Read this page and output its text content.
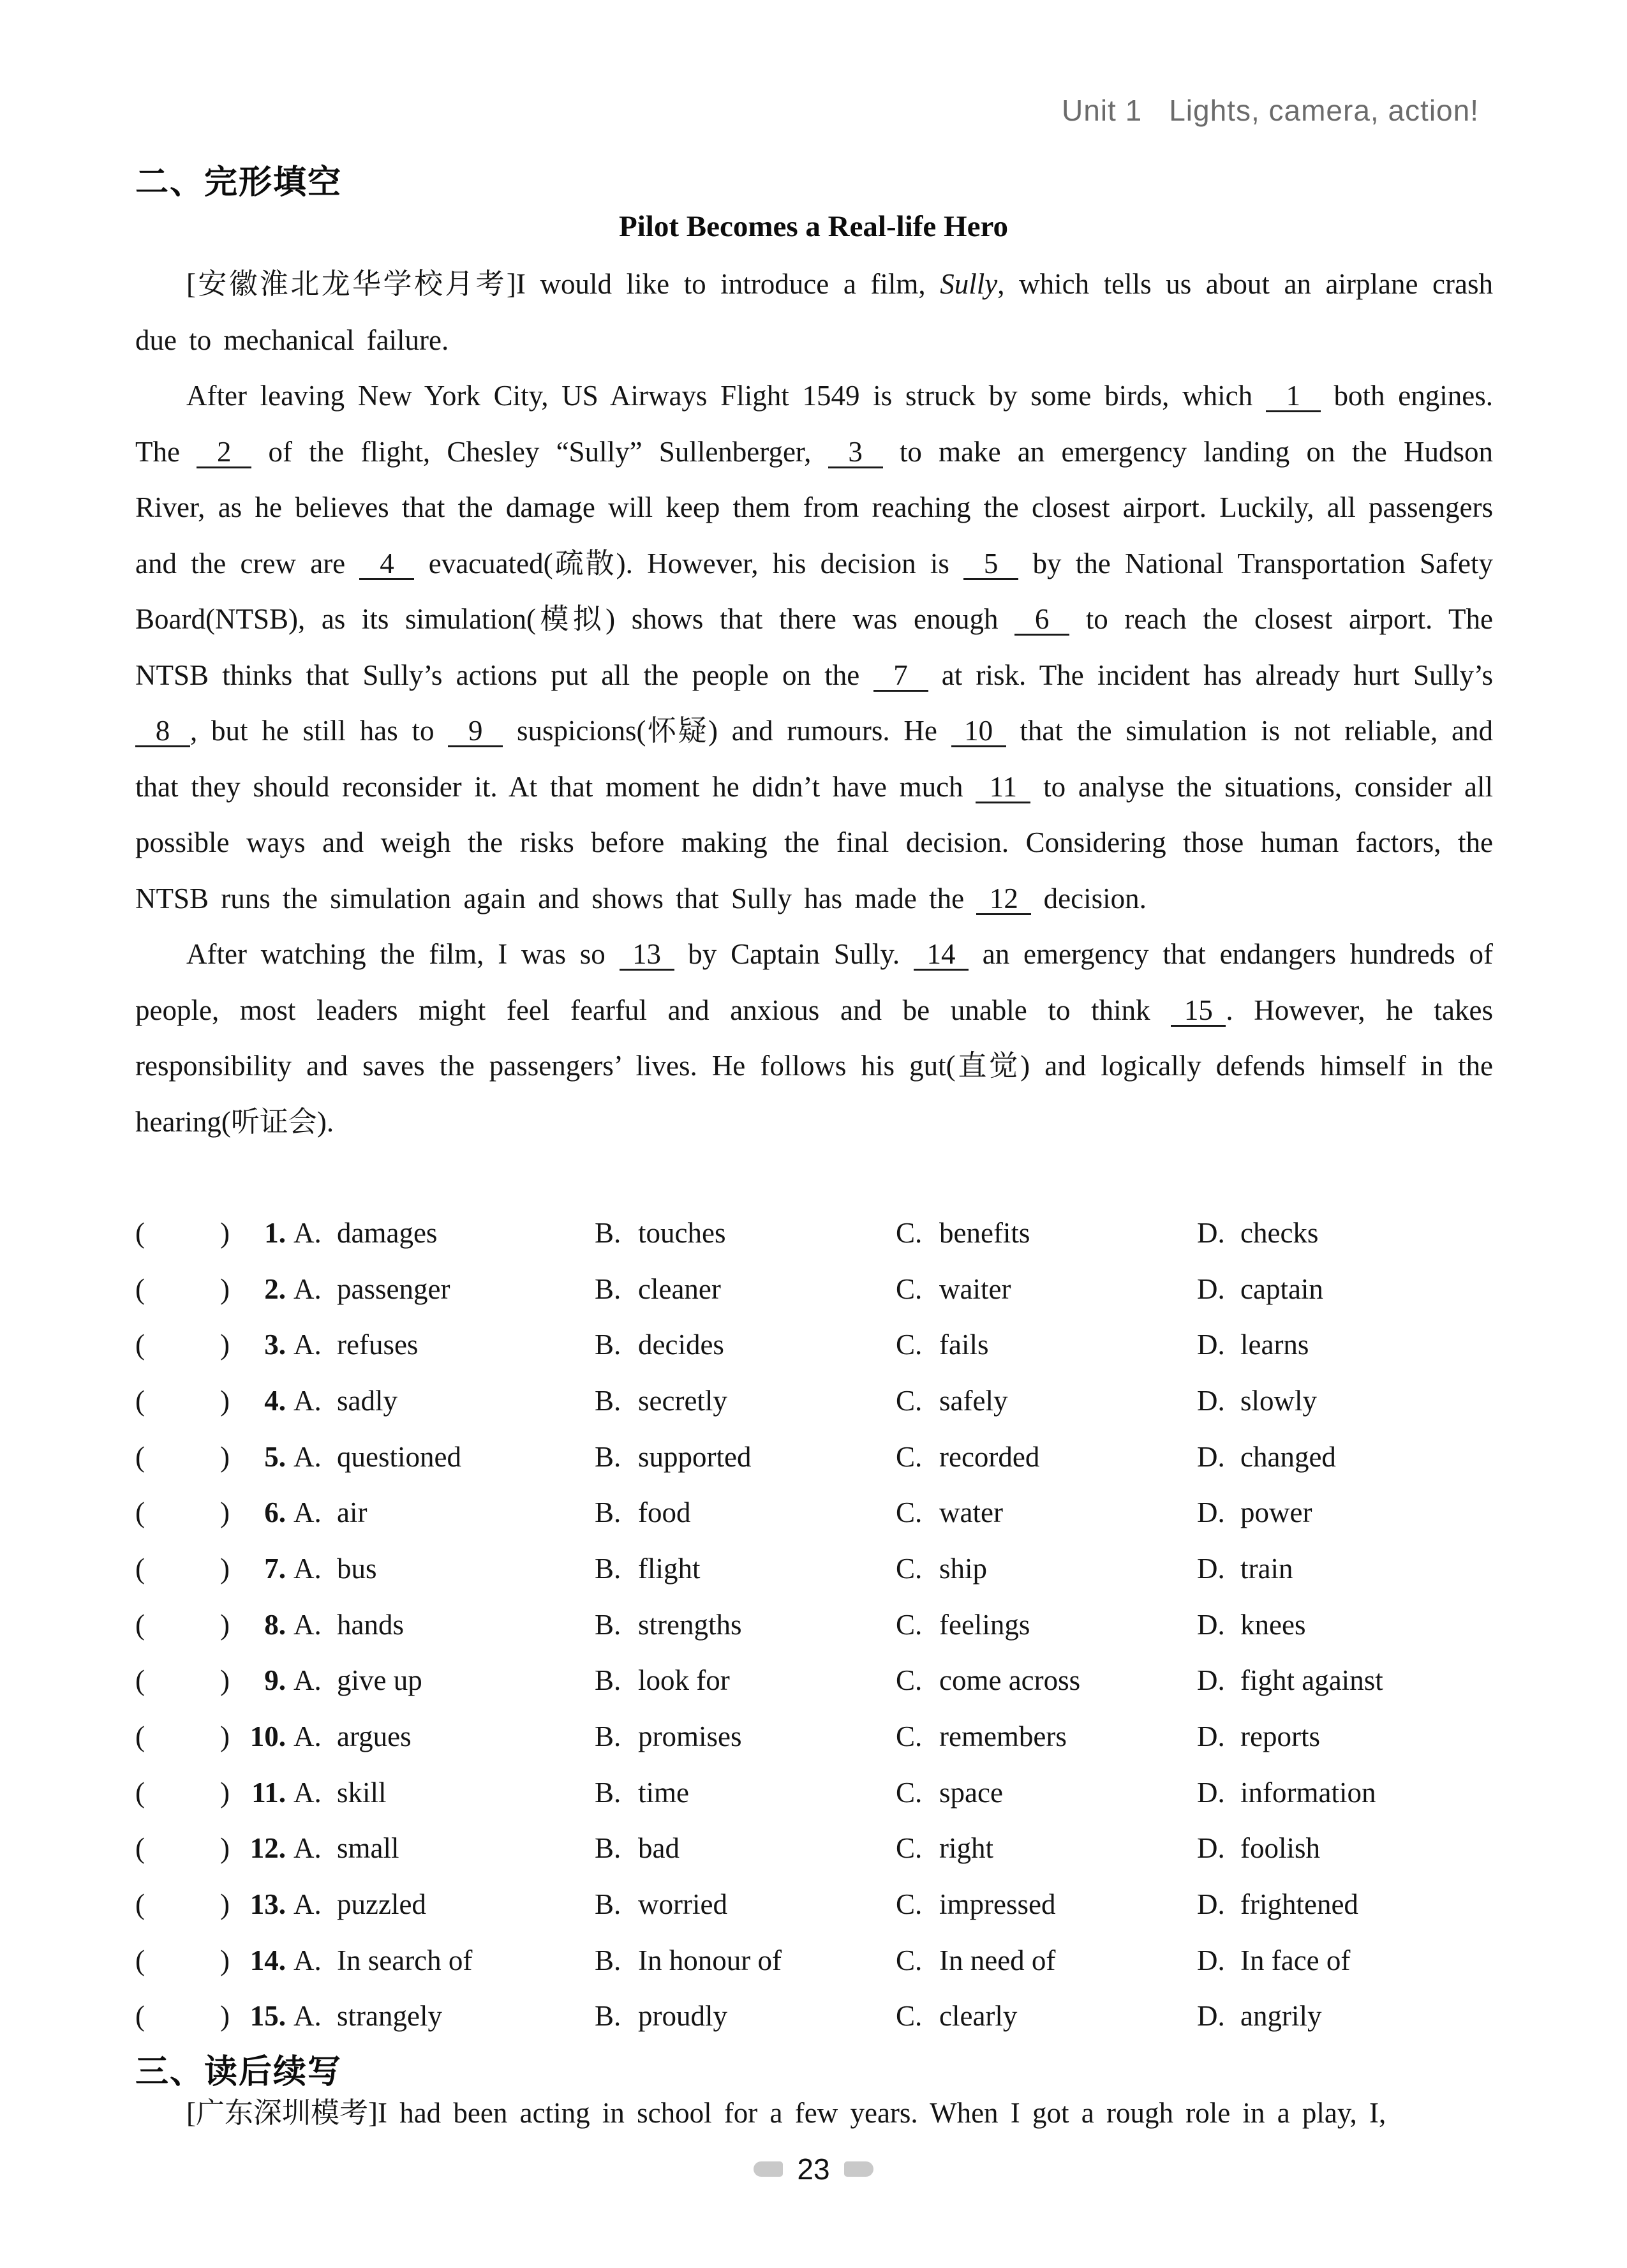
Unit 1 Lights, camera, action!
二、完形填空
Pilot Becomes a Real-life Hero

[安徽淮北龙华学校月考]I would like to introduce a film, Sully, which tells us about an airplane crash due to mechanical failure.

After leaving New York City, US Airways Flight 1549 is struck by some birds, which 1 both engines. The 2 of the flight, Chesley “Sully” Sullenberger, 3 to make an emergency landing on the Hudson River, as he believes that the damage will keep them from reaching the closest airport. Luckily, all passengers and the crew are 4 evacuated(疏散). However, his decision is 5 by the National Transportation Safety Board(NTSB), as its simulation(模拟) shows that there was enough 6 to reach the closest airport. The NTSB thinks that Sully’s actions put all the people on the 7 at risk. The incident has already hurt Sully’s 8 , but he still has to 9 suspicions(怀疑) and rumours. He 10 that the simulation is not reliable, and that they should reconsider it. At that moment he didn’t have much 11 to analyse the situations, consider all possible ways and weigh the risks before making the final decision. Considering those human factors, the NTSB runs the simulation again and shows that Sully has made the 12 decision.

After watching the film, I was so 13 by Captain Sully. 14 an emergency that endangers hundreds of people, most leaders might feel fearful and anxious and be unable to think 15 . However, he takes responsibility and saves the passengers’ lives. He follows his gut(直觉) and logically defends himself in the hearing(听证会).

(	)	1. A. damages	B. touches	C. benefits	D. checks
(	)	2. A. passenger	B. cleaner	C. waiter	D. captain
(	)	3. A. refuses	B. decides	C. fails	D. learns
(	)	4. A. sadly	B. secretly	C. safely	D. slowly
(	)	5. A. questioned	B. supported	C. recorded	D. changed
(	)	6. A. air	B. food	C. water	D. power
(	)	7. A. bus	B. flight	C. ship	D. train
(	)	8. A. hands	B. strengths	C. feelings	D. knees
(	)	9. A. give up	B. look for	C. come across	D. fight against
(	) 10. A. argues	B. promises	C. remembers	D. reports
(	) 11. A. skill	B. time	C. space	D. information
(	) 12. A. small	B. bad	C. right	D. foolish
(	) 13. A. puzzled	B. worried	C. impressed	D. frightened
(	) 14. A. In search of	B. In honour of	C. In need of	D. In face of
(	) 15. A. strangely	B. proudly	C. clearly	D. angrily
三、读后续写

[广东深圳模考]I had been acting in school for a few years. When I got a rough role in a play, I,

23
